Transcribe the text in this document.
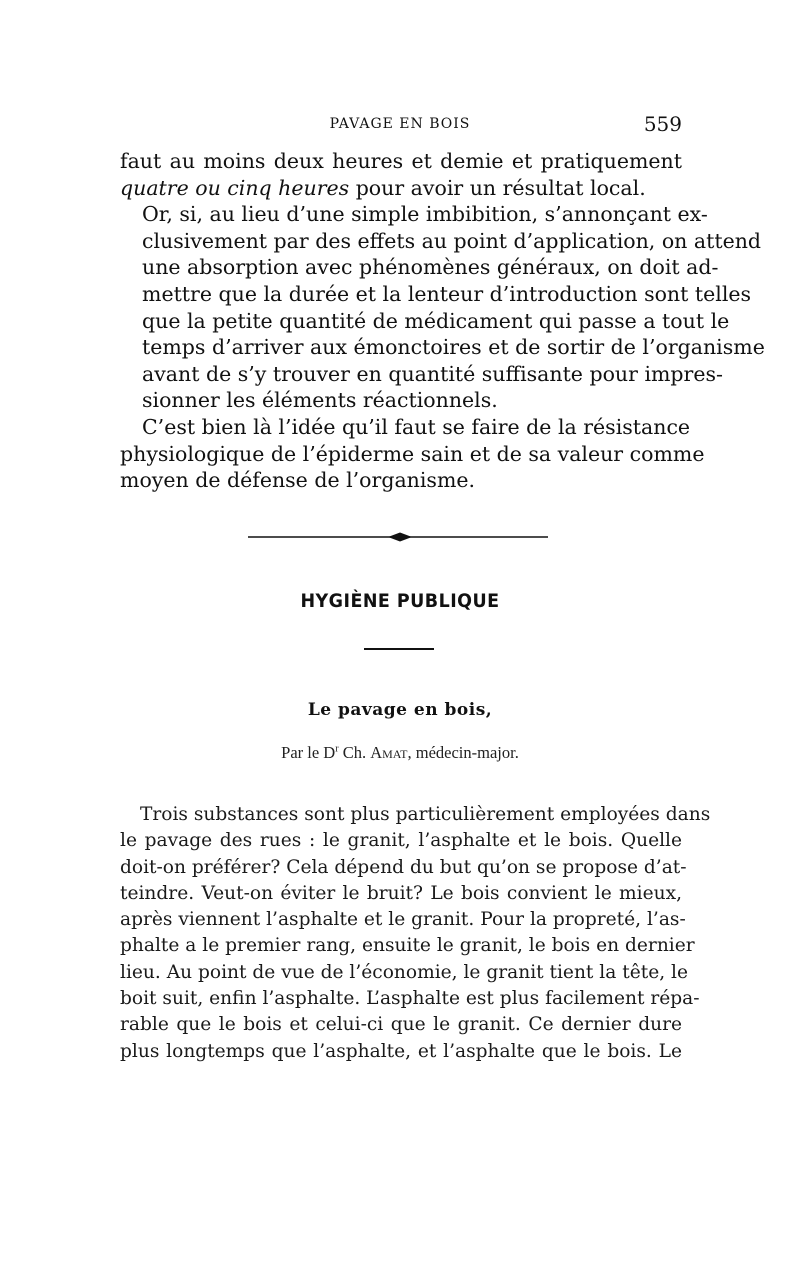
PAVAGE EN BOIS	559

faut au moins deux heures et demie et pratiquement
quatre ou cinq heures pour avoir un résultat local.

Or, si, au lieu d’une simple imbibition, s’annonçant ex-
clusivement par des effets au point d’application, on attend
une absorption avec phénomènes généraux, on doit ad-
mettre que la durée et la lenteur d’introduction sont telles
que la petite quantité de médicament qui passe a tout le
temps d’arriver aux émonctoires et de sortir de l’organisme
avant de s’y trouver en quantité suffisante pour impres-
sionner les éléments réactionnels.

C’est bien là l’idée qu’il faut se faire de la résistance
physiologique de l’épiderme sain et de sa valeur comme
moyen de défense de l’organisme.

HYGIÈNE PUBLIQUE
Le pavage en bois,
Par le $D^r$ Ch. Amat, médecin-major.

Trois substances sont plus particulièrement employées dans
le pavage des rues : le granit, l’asphalte et le bois. Quelle
doit-on préférer? Cela dépend du but qu’on se propose d’at-
teindre. Veut-on éviter le bruit? Le bois convient le mieux,
après viennent l’asphalte et le granit. Pour la propreté, l’as-
phalte a le premier rang, ensuite le granit, le bois en dernier
lieu. Au point de vue de l’économie, le granit tient la tête, le
boit suit, enfin l’asphalte. L’asphalte est plus facilement répa-
rable que le bois et celui-ci que le granit. Ce dernier dure
plus longtemps que l’asphalte, et l’asphalte que le bois. Le
